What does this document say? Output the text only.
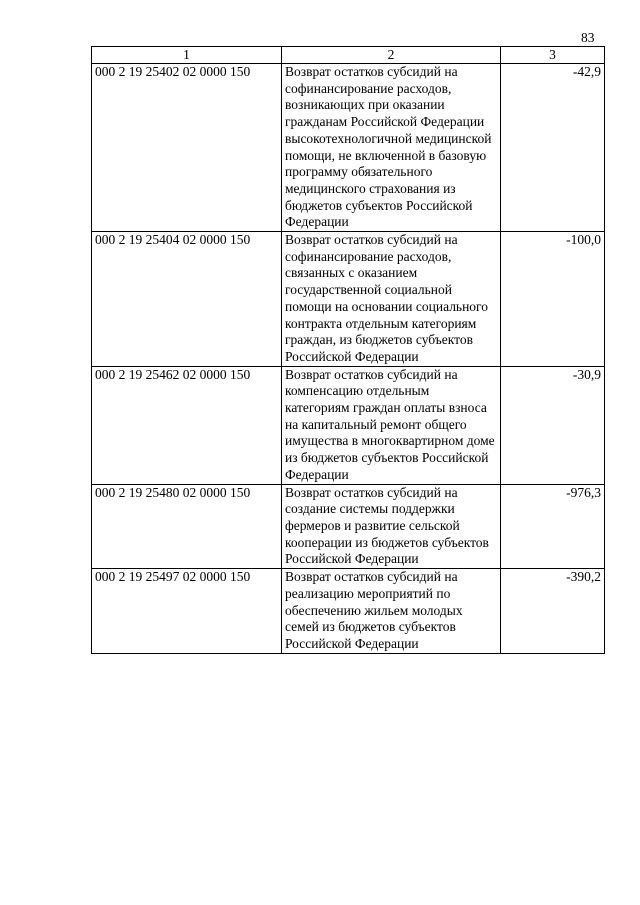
83
1	2	3
000 2 19 25402 02 0000 150	Возврат остатков субсидий на софинансирование расходов, возникающих при оказании гражданам Российской Федерации высокотехнологичной медицинской помощи, не включенной в базовую программу обязательного медицинского страхования из бюджетов субъектов Российской Федерации	-42,9
000 2 19 25404 02 0000 150	Возврат остатков субсидий на софинансирование расходов, связанных с оказанием государственной социальной помощи на основании социального контракта отдельным категориям граждан, из бюджетов субъектов Российской Федерации	-100,0
000 2 19 25462 02 0000 150	Возврат остатков субсидий на компенсацию отдельным категориям граждан оплаты взноса на капитальный ремонт общего имущества в многоквартирном доме из бюджетов субъектов Российской Федерации	-30,9
000 2 19 25480 02 0000 150	Возврат остатков субсидий на создание системы поддержки фермеров и развитие сельской кооперации из бюджетов субъектов Российской Федерации	-976,3
000 2 19 25497 02 0000 150	Возврат остатков субсидий на реализацию мероприятий по обеспечению жильем молодых семей из бюджетов субъектов Российской Федерации	-390,2
